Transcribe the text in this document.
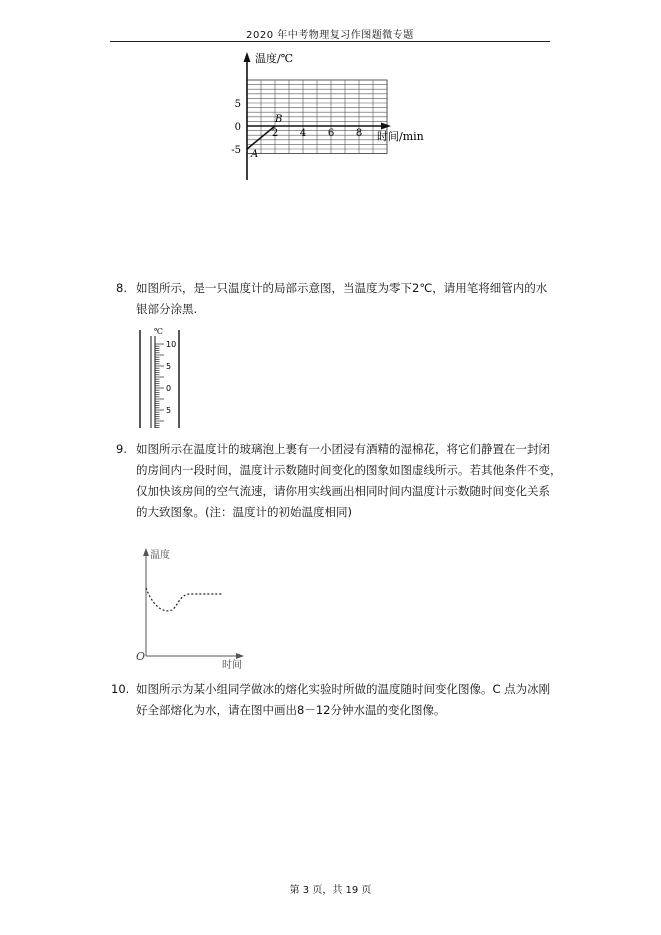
2020 年中考物理复习作图题微专题
温度/℃
时间/min
5
0
-5
2 4 6 8
A
B
8. 如图所示，是一只温度计的局部示意图，当温度为零下2℃，请用笔将细管内的水
银部分涂黑.
℃
10
5
0
5
9. 如图所示在温度计的玻璃泡上裹有一小团浸有酒精的湿棉花，将它们静置在一封闭
的房间内一段时间，温度计示数随时间变化的图象如图虚线所示。若其他条件不变，
仅加快该房间的空气流速，请你用实线画出相同时间内温度计示数随时间变化关系
的大致图象。(注：温度计的初始温度相同)
温度
时间
O
10. 如图所示为某小组同学做冰的熔化实验时所做的温度随时间变化图像。C 点为冰刚
好全部熔化为水，请在图中画出8－12分钟水温的变化图像。
第 3 页，共 19 页
